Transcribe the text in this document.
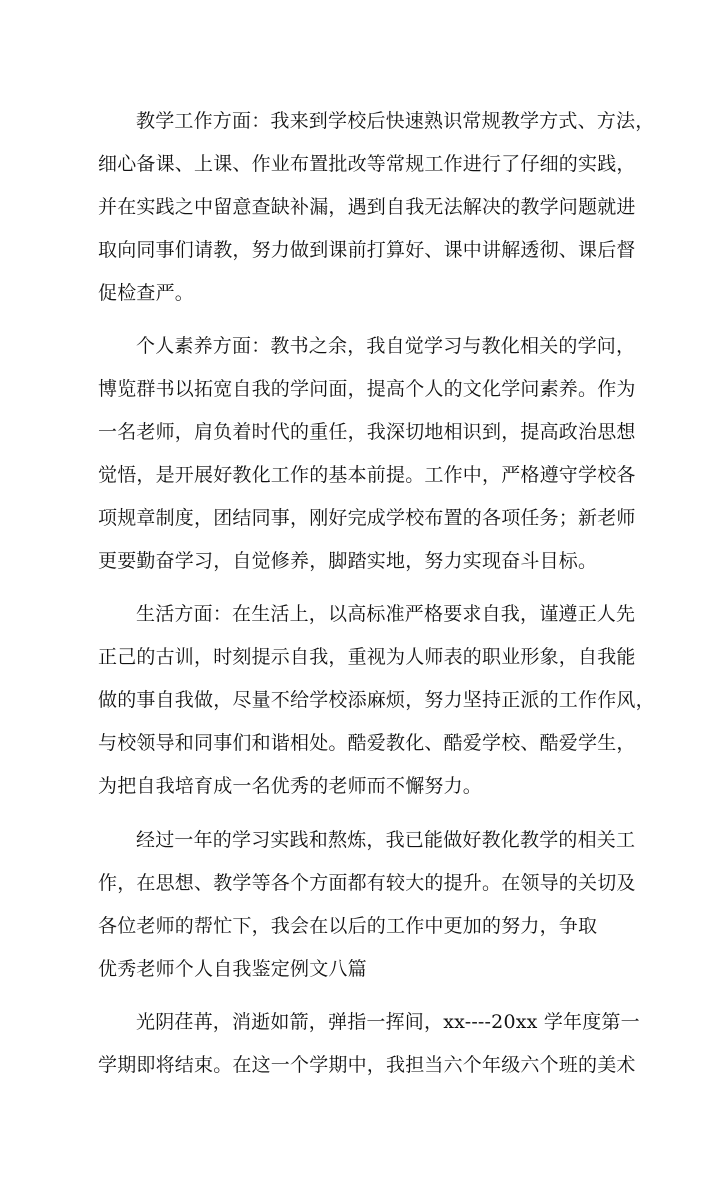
教学工作方面：我来到学校后快速熟识常规教学方式、方法，
细心备课、上课、作业布置批改等常规工作进行了仔细的实践，
并在实践之中留意查缺补漏，遇到自我无法解决的教学问题就进
取向同事们请教，努力做到课前打算好、课中讲解透彻、课后督
促检查严。
个人素养方面：教书之余，我自觉学习与教化相关的学问，
博览群书以拓宽自我的学问面，提高个人的文化学问素养。作为
一名老师，肩负着时代的重任，我深切地相识到，提高政治思想
觉悟，是开展好教化工作的基本前提。工作中，严格遵守学校各
项规章制度，团结同事，刚好完成学校布置的各项任务；新老师
更要勤奋学习，自觉修养，脚踏实地，努力实现奋斗目标。
生活方面：在生活上，以高标准严格要求自我，谨遵正人先
正己的古训，时刻提示自我，重视为人师表的职业形象，自我能
做的事自我做，尽量不给学校添麻烦，努力坚持正派的工作作风，
与校领导和同事们和谐相处。酷爱教化、酷爱学校、酷爱学生，
为把自我培育成一名优秀的老师而不懈努力。
经过一年的学习实践和熬炼，我已能做好教化教学的相关工
作，在思想、教学等各个方面都有较大的提升。在领导的关切及
各位老师的帮忙下，我会在以后的工作中更加的努力，争取
优秀老师个人自我鉴定例文八篇
光阴荏苒，消逝如箭，弹指一挥间，xx----20xx 学年度第一
学期即将结束。在这一个学期中，我担当六个年级六个班的美术
